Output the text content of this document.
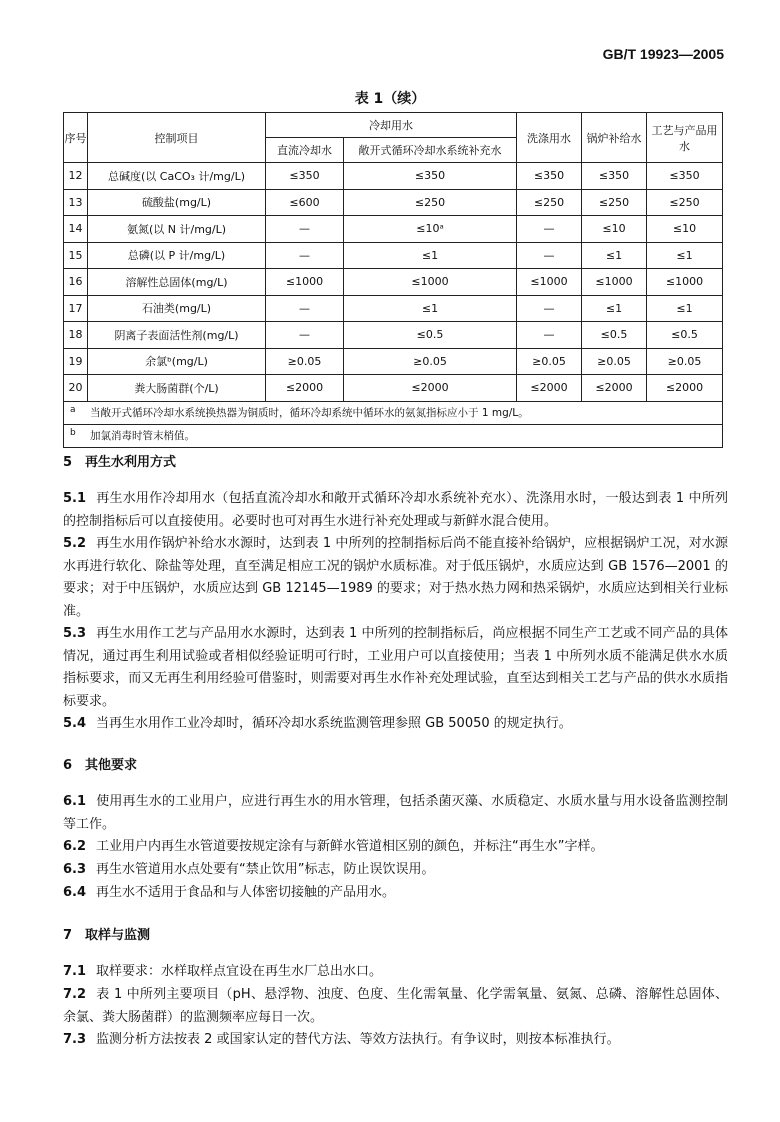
GB/T 19923—2005
表 1（续）
序号	控制项目	冷却用水		洗涤用水	锅炉补给水	工艺与产品用水
		直流冷却水	敞开式循环冷却水系统补充水			
12	总碱度(以 CaCO₃ 计/mg/L)	≤350	≤350	≤350	≤350	≤350
13	硫酸盐(mg/L)	≤600	≤250	≤250	≤250	≤250
14	氨氮(以 N 计/mg/L)	—	≤10ᵃ	—	≤10	≤10
15	总磷(以 P 计/mg/L)	—	≤1	—	≤1	≤1
16	溶解性总固体(mg/L)	≤1000	≤1000	≤1000	≤1000	≤1000
17	石油类(mg/L)	—	≤1	—	≤1	≤1
18	阴离子表面活性剂(mg/L)	—	≤0.5	—	≤0.5	≤0.5
19	余氯ᵇ(mg/L)	≥0.05	≥0.05	≥0.05	≥0.05	≥0.05
20	粪大肠菌群(个/L)	≤2000	≤2000	≤2000	≤2000	≤2000
a 当敞开式循环冷却水系统换热器为铜质时，循环冷却系统中循环水的氨氮指标应小于 1 mg/L。						
b 加氯消毒时管末梢值。						
5 再生水利用方式
5.1 再生水用作冷却用水（包括直流冷却水和敞开式循环冷却水系统补充水）、洗涤用水时，一般达到表 1 中所列的控制指标后可以直接使用。必要时也可对再生水进行补充处理或与新鲜水混合使用。
5.2 再生水用作锅炉补给水水源时，达到表 1 中所列的控制指标后尚不能直接补给锅炉，应根据锅炉工况，对水源水再进行软化、除盐等处理，直至满足相应工况的锅炉水质标准。对于低压锅炉，水质应达到 GB 1576—2001 的要求；对于中压锅炉，水质应达到 GB 12145—1989 的要求；对于热水热力网和热采锅炉，水质应达到相关行业标准。
5.3 再生水用作工艺与产品用水水源时，达到表 1 中所列的控制指标后，尚应根据不同生产工艺或不同产品的具体情况，通过再生利用试验或者相似经验证明可行时，工业用户可以直接使用；当表 1 中所列水质不能满足供水水质指标要求，而又无再生利用经验可借鉴时，则需要对再生水作补充处理试验，直至达到相关工艺与产品的供水水质指标要求。
5.4 当再生水用作工业冷却时，循环冷却水系统监测管理参照 GB 50050 的规定执行。
6 其他要求
6.1 使用再生水的工业用户，应进行再生水的用水管理，包括杀菌灭藻、水质稳定、水质水量与用水设备监测控制等工作。
6.2 工业用户内再生水管道要按规定涂有与新鲜水管道相区别的颜色，并标注“再生水”字样。
6.3 再生水管道用水点处要有“禁止饮用”标志，防止误饮误用。
6.4 再生水不适用于食品和与人体密切接触的产品用水。
7 取样与监测
7.1 取样要求：水样取样点宜设在再生水厂总出水口。
7.2 表 1 中所列主要项目（pH、悬浮物、浊度、色度、生化需氧量、化学需氧量、氨氮、总磷、溶解性总固体、余氯、粪大肠菌群）的监测频率应每日一次。
7.3 监测分析方法按表 2 或国家认定的替代方法、等效方法执行。有争议时，则按本标准执行。
